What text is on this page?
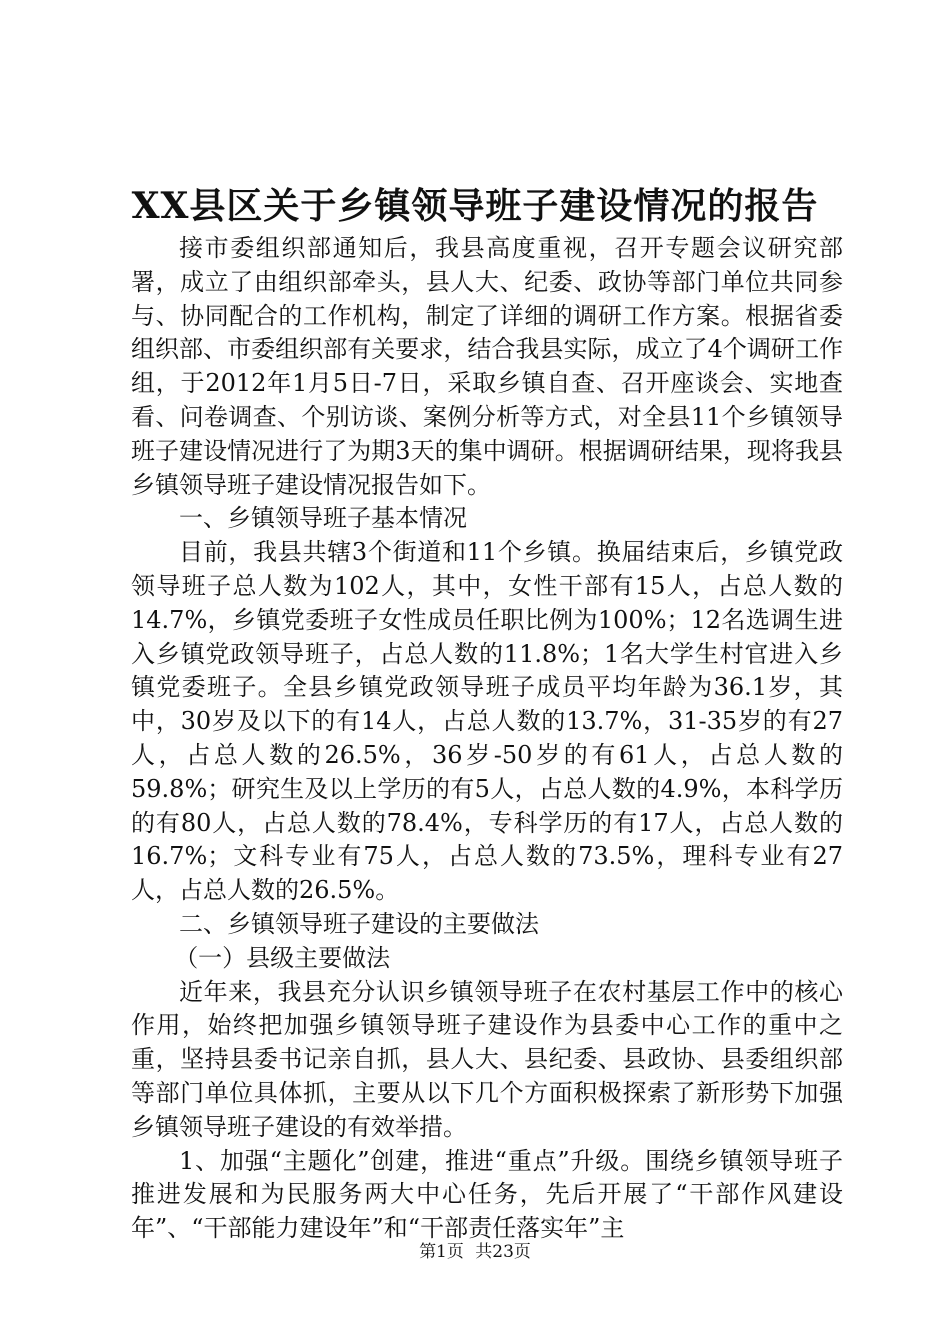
XX县区关于乡镇领导班子建设情况的报告

接市委组织部通知后，我县高度重视，召开专题会议研究部署，成立了由组织部牵头，县人大、纪委、政协等部门单位共同参与、协同配合的工作机构，制定了详细的调研工作方案。根据省委组织部、市委组织部有关要求，结合我县实际，成立了4个调研工作组，于2012年1月5日-7日，采取乡镇自查、召开座谈会、实地查看、问卷调查、个别访谈、案例分析等方式，对全县11个乡镇领导班子建设情况进行了为期3天的集中调研。根据调研结果，现将我县乡镇领导班子建设情况报告如下。

一、乡镇领导班子基本情况

目前，我县共辖3个街道和11个乡镇。换届结束后，乡镇党政领导班子总人数为102人，其中，女性干部有15人，占总人数的14.7%，乡镇党委班子女性成员任职比例为100%；12名选调生进入乡镇党政领导班子，占总人数的11.8%；1名大学生村官进入乡镇党委班子。全县乡镇党政领导班子成员平均年龄为36.1岁，其中，30岁及以下的有14人，占总人数的13.7%，31-35岁的有27人，占总人数的26.5%，36岁-50岁的有61人，占总人数的59.8%；研究生及以上学历的有5人，占总人数的4.9%，本科学历的有80人，占总人数的78.4%，专科学历的有17人，占总人数的16.7%；文科专业有75人，占总人数的73.5%，理科专业有27人，占总人数的26.5%。

二、乡镇领导班子建设的主要做法

（一）县级主要做法

近年来，我县充分认识乡镇领导班子在农村基层工作中的核心作用，始终把加强乡镇领导班子建设作为县委中心工作的重中之重，坚持县委书记亲自抓，县人大、县纪委、县政协、县委组织部等部门单位具体抓，主要从以下几个方面积极探索了新形势下加强乡镇领导班子建设的有效举措。

1、加强“主题化”创建，推进“重点”升级。围绕乡镇领导班子推进发展和为民服务两大中心任务，先后开展了“干部作风建设年”、“干部能力建设年”和“干部责任落实年”主

第1页 共23页
